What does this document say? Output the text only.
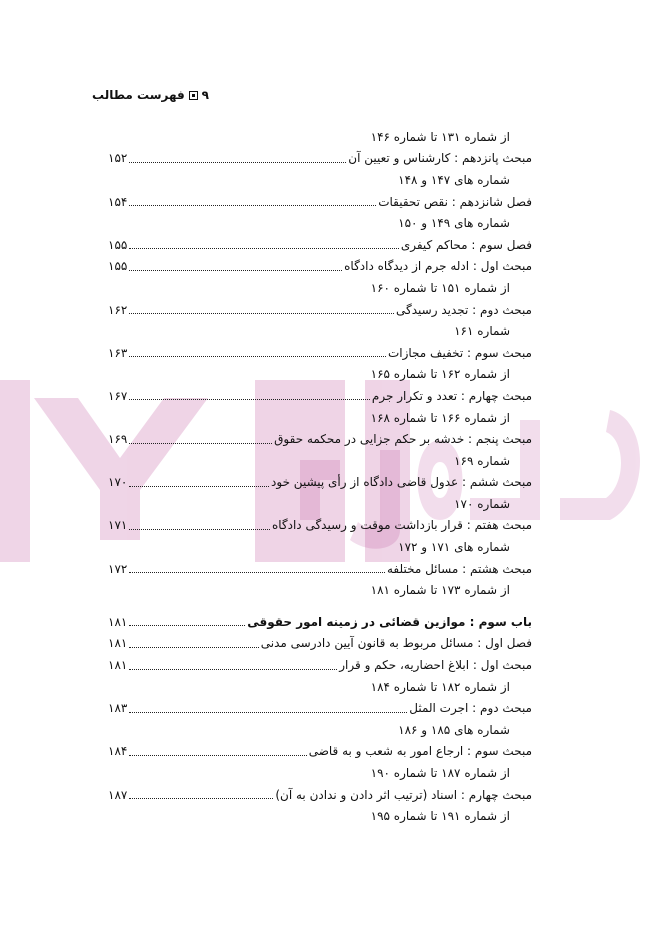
۹
فهرست مطالب
از شماره ۱۳۱ تا شماره ۱۴۶
مبحث پانزدهم : کارشناس و تعیین آن
۱۵۲
شماره های ۱۴۷ و ۱۴۸
فصل شانزدهم : نقص تحقیقات
۱۵۴
شماره های ۱۴۹ و ۱۵۰
فصل سوم : محاکم کیفری
۱۵۵
مبحث اول : ادله جرم از دیدگاه دادگاه
۱۵۵
از شماره ۱۵۱ تا شماره ۱۶۰
مبحث دوم : تجدید رسیدگی
۱۶۲
شماره ۱۶۱
مبحث سوم : تخفیف مجازات
۱۶۳
از شماره ۱۶۲ تا شماره ۱۶۵
مبحث چهارم : تعدد و تکرار جرم
۱۶۷
از شماره ۱۶۶ تا شماره ۱۶۸
مبحث پنجم : خدشه بر حکم جزایی در محکمه حقوق
۱۶۹
شماره ۱۶۹
مبحث ششم : عدول قاضی دادگاه از رأی پیشین خود
۱۷۰
شماره ۱۷۰
مبحث هفتم : قرار بازداشت موقت و رسیدگی دادگاه
۱۷۱
شماره های ۱۷۱ و ۱۷۲
مبحث هشتم : مسائل مختلفه
۱۷۲
از شماره ۱۷۳ تا شماره ۱۸۱
باب سوم : موازین قضائی در زمینه امور حقوقی
۱۸۱
فصل اول : مسائل مربوط به قانون آیین دادرسی مدنی
۱۸۱
مبحث اول : ابلاغ احضاریه، حکم و قرار
۱۸۱
از شماره ۱۸۲ تا شماره ۱۸۴
مبحث دوم : اجرت المثل
۱۸۳
شماره های ۱۸۵ و ۱۸۶
مبحث سوم : ارجاع امور به شعب و به قاضی
۱۸۴
از شماره ۱۸۷ تا شماره ۱۹۰
مبحث چهارم : اسناد (ترتیب اثر دادن و ندادن به آن)
۱۸۷
از شماره ۱۹۱ تا شماره ۱۹۵
